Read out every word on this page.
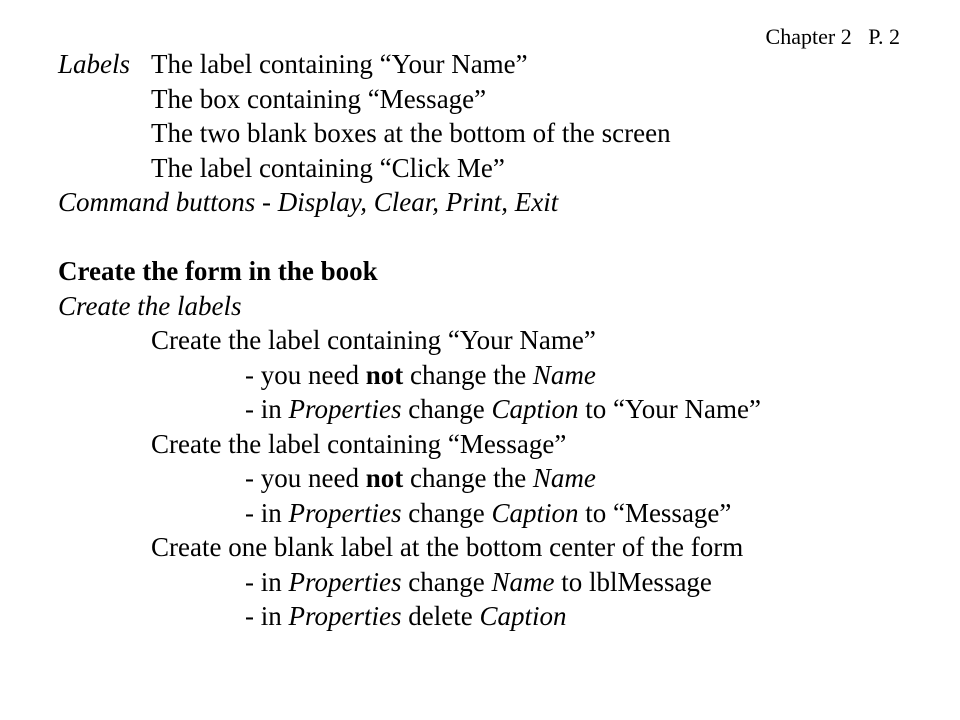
Chapter 2 P. 2
Labels The label containing “Your Name”
The box containing “Message”
The two blank boxes at the bottom of the screen
The label containing “Click Me”
Command buttons - Display, Clear, Print, Exit
Create the form in the book
Create the labels
Create the label containing “Your Name”
- you need not change the Name
- in Properties change Caption to “Your Name”
Create the label containing “Message”
- you need not change the Name
- in Properties change Caption to “Message”
Create one blank label at the bottom center of the form
- in Properties change Name to lblMessage
- in Properties delete Caption
